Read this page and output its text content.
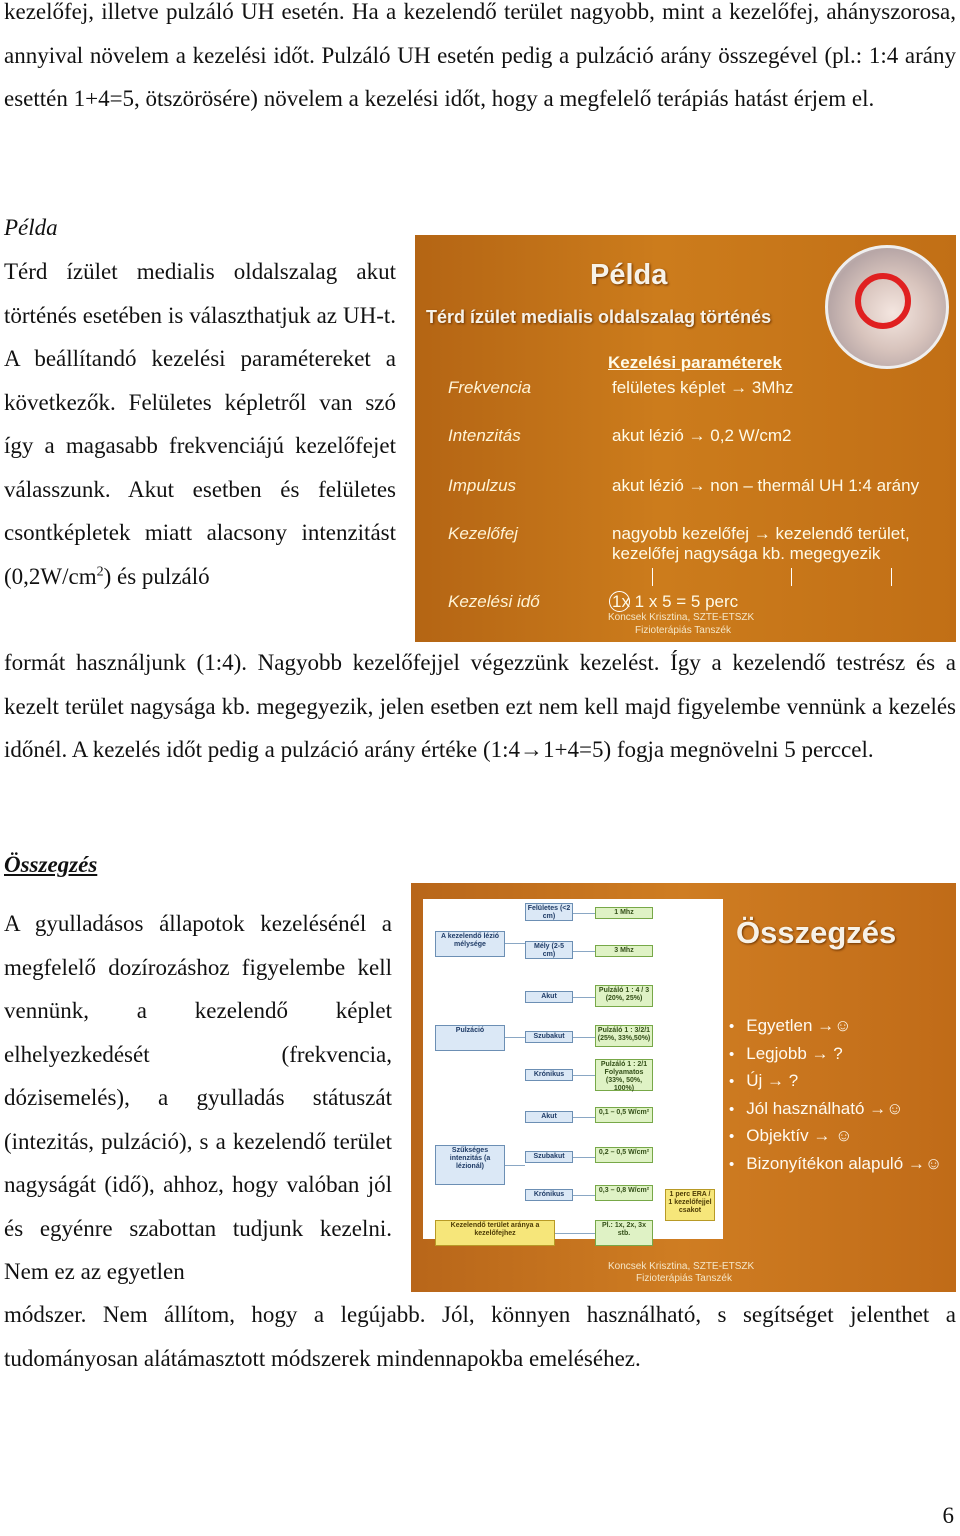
kezelőfej, illetve pulzáló UH esetén. Ha a kezelendő terület nagyobb, mint a kezelőfej, ahányszorosa, annyival növelem a kezelési időt. Pulzáló UH esetén pedig a pulzáció arány összegével (pl.: 1:4 arány esettén 1+4=5, ötszörösére) növelem a kezelési időt, hogy a megfelelő terápiás hatást érjem el.

Példa

Térd ízület medialis oldalszalag akut történés esetében is választhatjuk az UH-t. A beállítandó kezelési paramétereket a következők. Felületes képletről van szó így a magasabb frekvenciájú kezelőfejet válasszunk. Akut esetben és felületes csontképletek miatt alacsony intenzitást $(0,2W/cm^2)$ és pulzáló

Példa
Térd ízület medialis oldalszalag történés
Kezelési paraméterek
Frekvencia
Intenzitás
Impulzus
Kezelőfej
Kezelési idő
felületes képlet → 3Mhz
akut lézió → 0,2 W/cm2
akut lézió → non – thermál UH 1:4 arány
nagyobb kezelőfej → kezelendő terület,
kezelőfej nagysága kb. megegyezik
1x 1 x 5 = 5 perc
Koncsek Krisztina, SZTE-ETSZK
Fizioterápiás Tanszék

formát használjunk (1:4). Nagyobb kezelőfejjel végezzünk kezelést. Így a kezelendő testrész és a kezelt terület nagysága kb. megegyezik, jelen esetben ezt nem kell majd figyelembe vennünk a kezelés időnél. A kezelés időt pedig a pulzáció arány értéke (1:4→1+4=5) fogja megnövelni 5 perccel.

Összegzés

A gyulladásos állapotok kezelésénél a megfelelő dozírozáshoz figyelembe kell vennünk, a kezelendő képlet elhelyezkedését (frekvencia, dózisemelés), a gyulladás státuszát (intezitás, pulzáció), s a kezelendő terület nagyságát (idő), ahhoz, hogy valóban jól és egyénre szabottan tudjunk kezelni. Nem ez az egyetlen

A kezelendő lézió mélysége
Pulzáció
Szűkséges intenzitás (a lézionál)
Kezelendő terület aránya a kezelőfejhez
Felületes (<2 cm)
Mély (2-5 cm)
Akut
Szubakut
Krónikus
Akut
Szubakut
Krónikus
1 Mhz
3 Mhz
Pulzáló 1 : 4 / 3 (20%, 25%)
Pulzáló 1 : 3/2/1 (25%, 33%,50%)
Pulzáló 1 : 2/1 Folyamatos (33%, 50%, 100%)
0,1 – 0,5 W/cm²
0,2 – 0,5 W/cm²
0,3 – 0,8 W/cm²
Pl.: 1x, 2x, 3x stb.
1 perc ERA / 1 kezelőfejjel csakot
Összegzés
• Egyetlen →☺
• Legjobb → ?
• Új → ?
• Jól használható →☺
• Objektív → ☺
• Bizonyítékon alapuló →☺
Koncsek Krisztina, SZTE-ETSZK
Fizioterápiás Tanszék

módszer. Nem állítom, hogy a legújabb. Jól, könnyen használható, s segítséget jelenthet a tudományosan alátámasztott módszerek mindennapokba emeléséhez.

6
